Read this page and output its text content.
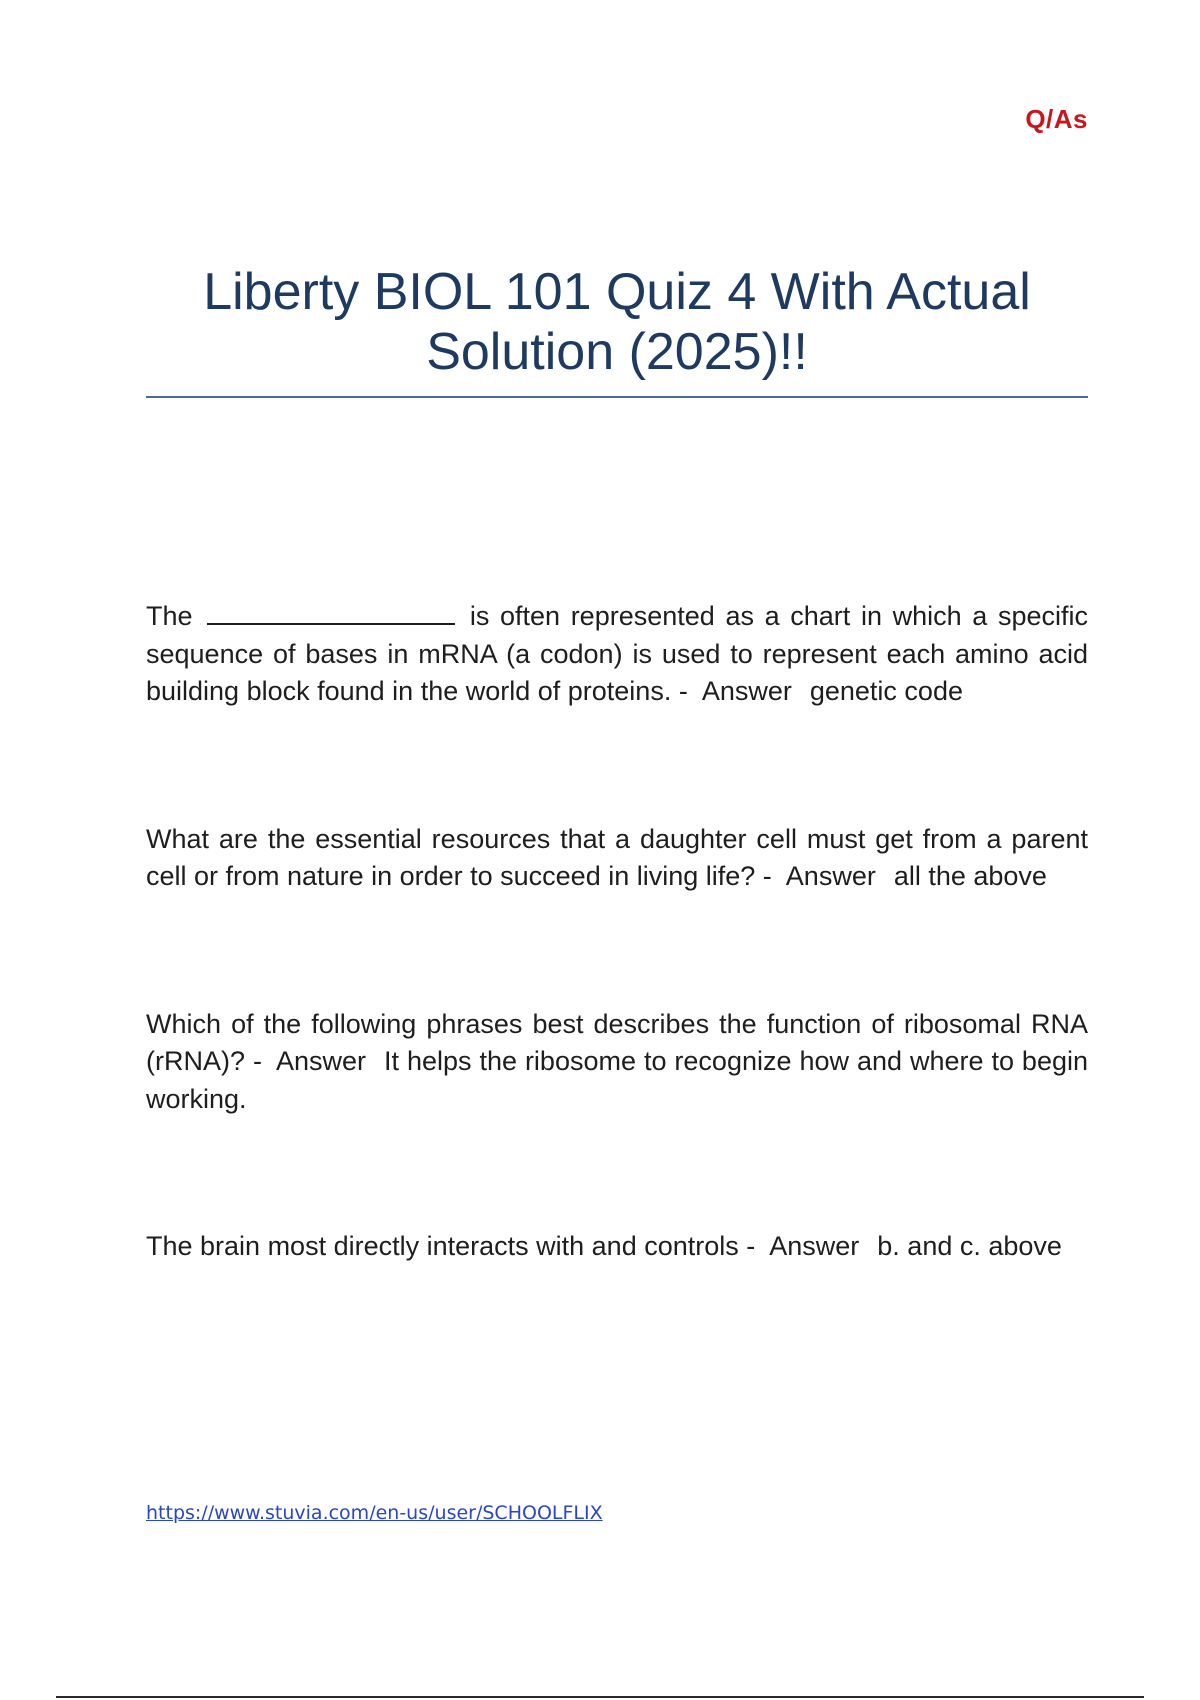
Q/As
Liberty BIOL 101 Quiz 4 With Actual Solution (2025)!!

The	is often represented as a chart in which a specific sequence of bases in mRNA (a codon) is used to represent each amino acid building block found in the world of proteins. - Answer genetic code

What are the essential resources that a daughter cell must get from a parent cell or from nature in order to succeed in living life? - Answer all the above

Which of the following phrases best describes the function of ribosomal RNA (rRNA)? - Answer It helps the ribosome to recognize how and where to begin working.

The brain most directly interacts with and controls - Answer b. and c. above

https://www.stuvia.com/en-us/user/SCHOOLFLIX
